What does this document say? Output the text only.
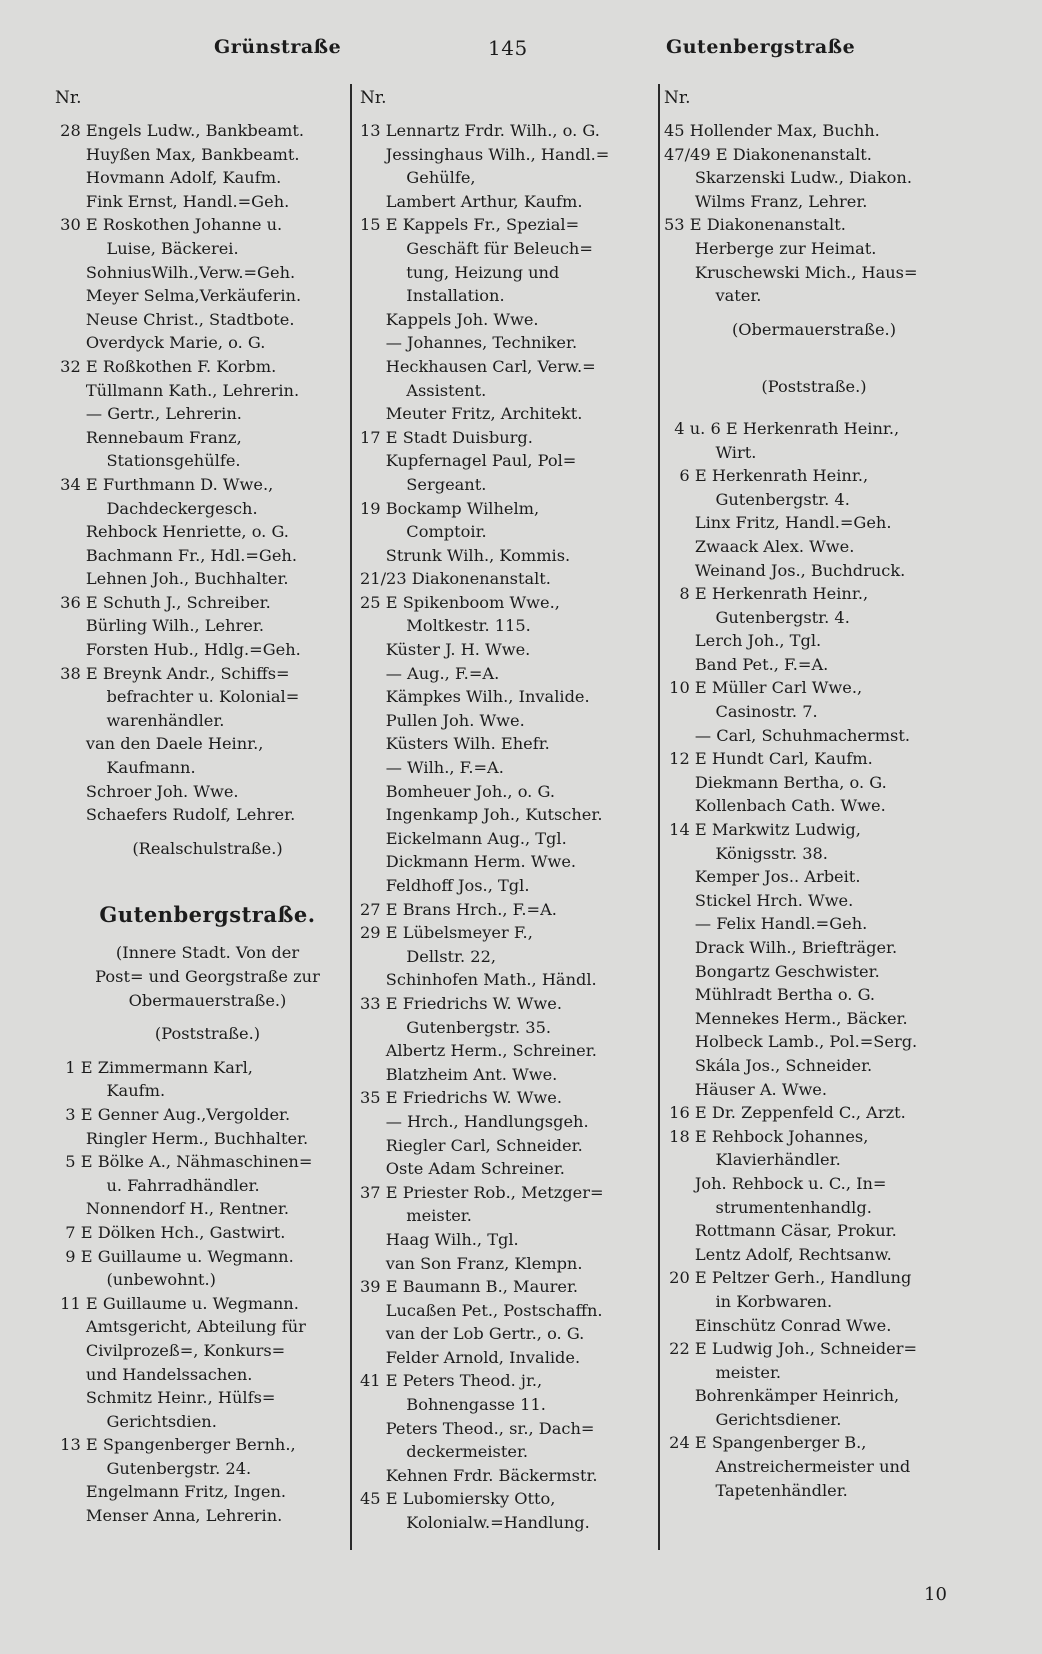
Grünstraße	145	Gutenbergstraße
Nr.
28 Engels Ludw., Bankbeamt.
Huyßen Max, Bankbeamt.
Hovmann Adolf, Kaufm.
Fink Ernst, Handl.=Geh.
30 E Roskothen Johanne u.
Luise, Bäckerei.
SohniusWilh.,Verw.=Geh.
Meyer Selma,Verkäuferin.
Neuse Christ., Stadtbote.
Overdyck Marie, o. G.
32 E Roßkothen F. Korbm.
Tüllmann Kath., Lehrerin.
— Gertr., Lehrerin.
Rennebaum Franz,
Stationsgehülfe.
34 E Furthmann D. Wwe.,
Dachdeckergesch.
Rehbock Henriette, o. G.
Bachmann Fr., Hdl.=Geh.
Lehnen Joh., Buchhalter.
36 E Schuth J., Schreiber.
Bürling Wilh., Lehrer.
Forsten Hub., Hdlg.=Geh.
38 E Breynk Andr., Schiffs=
befrachter u. Kolonial=
warenhändler.
van den Daele Heinr.,
Kaufmann.
Schroer Joh. Wwe.
Schaefers Rudolf, Lehrer.
(Realschulstraße.)
Gutenbergstraße.
(Innere Stadt. Von der
Post= und Georgstraße zur
Obermauerstraße.)
(Poststraße.)
1 E Zimmermann Karl,
Kaufm.
3 E Genner Aug.,Vergolder.
Ringler Herm., Buchhalter.
5 E Bölke A., Nähmaschinen=
u. Fahrradhändler.
Nonnendorf H., Rentner.
7 E Dölken Hch., Gastwirt.
9 E Guillaume u. Wegmann.
(unbewohnt.)
11 E Guillaume u. Wegmann.
Amtsgericht, Abteilung für
Civilprozeß=, Konkurs=
und Handelssachen.
Schmitz Heinr., Hülfs=
Gerichtsdien.
13 E Spangenberger Bernh.,
Gutenbergstr. 24.
Engelmann Fritz, Ingen.
Menser Anna, Lehrerin.
Nr.
13 Lennartz Frdr. Wilh., o. G.
Jessinghaus Wilh., Handl.=
Gehülfe,
Lambert Arthur, Kaufm.
15 E Kappels Fr., Spezial=
Geschäft für Beleuch=
tung, Heizung und
Installation.
Kappels Joh. Wwe.
— Johannes, Techniker.
Heckhausen Carl, Verw.=
Assistent.
Meuter Fritz, Architekt.
17 E Stadt Duisburg.
Kupfernagel Paul, Pol=
Sergeant.
19 Bockamp Wilhelm,
Comptoir.
Strunk Wilh., Kommis.
21/23 Diakonenanstalt.
25 E Spikenboom Wwe.,
Moltkestr. 115.
Küster J. H. Wwe.
— Aug., F.=A.
Kämpkes Wilh., Invalide.
Pullen Joh. Wwe.
Küsters Wilh. Ehefr.
— Wilh., F.=A.
Bomheuer Joh., o. G.
Ingenkamp Joh., Kutscher.
Eickelmann Aug., Tgl.
Dickmann Herm. Wwe.
Feldhoff Jos., Tgl.
27 E Brans Hrch., F.=A.
29 E Lübelsmeyer F.,
Dellstr. 22,
Schinhofen Math., Händl.
33 E Friedrichs W. Wwe.
Gutenbergstr. 35.
Albertz Herm., Schreiner.
Blatzheim Ant. Wwe.
35 E Friedrichs W. Wwe.
— Hrch., Handlungsgeh.
Riegler Carl, Schneider.
Oste Adam Schreiner.
37 E Priester Rob., Metzger=
meister.
Haag Wilh., Tgl.
van Son Franz, Klempn.
39 E Baumann B., Maurer.
Lucaßen Pet., Postschaffn.
van der Lob Gertr., o. G.
Felder Arnold, Invalide.
41 E Peters Theod. jr.,
Bohnengasse 11.
Peters Theod., sr., Dach=
deckermeister.
Kehnen Frdr. Bäckermstr.
45 E Lubomiersky Otto,
Kolonialw.=Handlung.
Nr.
45 Hollender Max, Buchh.
47/49 E Diakonenanstalt.
Skarzenski Ludw., Diakon.
Wilms Franz, Lehrer.
53 E Diakonenanstalt.
Herberge zur Heimat.
Kruschewski Mich., Haus=
vater.
(Obermauerstraße.)
(Poststraße.)
4 u. 6 E Herkenrath Heinr.,
Wirt.
6 E Herkenrath Heinr.,
Gutenbergstr. 4.
Linx Fritz, Handl.=Geh.
Zwaack Alex. Wwe.
Weinand Jos., Buchdruck.
8 E Herkenrath Heinr.,
Gutenbergstr. 4.
Lerch Joh., Tgl.
Band Pet., F.=A.
10 E Müller Carl Wwe.,
Casinostr. 7.
— Carl, Schuhmachermst.
12 E Hundt Carl, Kaufm.
Diekmann Bertha, o. G.
Kollenbach Cath. Wwe.
14 E Markwitz Ludwig,
Königsstr. 38.
Kemper Jos.. Arbeit.
Stickel Hrch. Wwe.
— Felix Handl.=Geh.
Drack Wilh., Briefträger.
Bongartz Geschwister.
Mühlradt Bertha o. G.
Mennekes Herm., Bäcker.
Holbeck Lamb., Pol.=Serg.
Skála Jos., Schneider.
Häuser A. Wwe.
16 E Dr. Zeppenfeld C., Arzt.
18 E Rehbock Johannes,
Klavierhändler.
Joh. Rehbock u. C., In=
strumentenhandlg.
Rottmann Cäsar, Prokur.
Lentz Adolf, Rechtsanw.
20 E Peltzer Gerh., Handlung
in Korbwaren.
Einschütz Conrad Wwe.
22 E Ludwig Joh., Schneider=
meister.
Bohrenkämper Heinrich,
Gerichtsdiener.
24 E Spangenberger B.,
Anstreichermeister und
Tapetenhändler.
10
